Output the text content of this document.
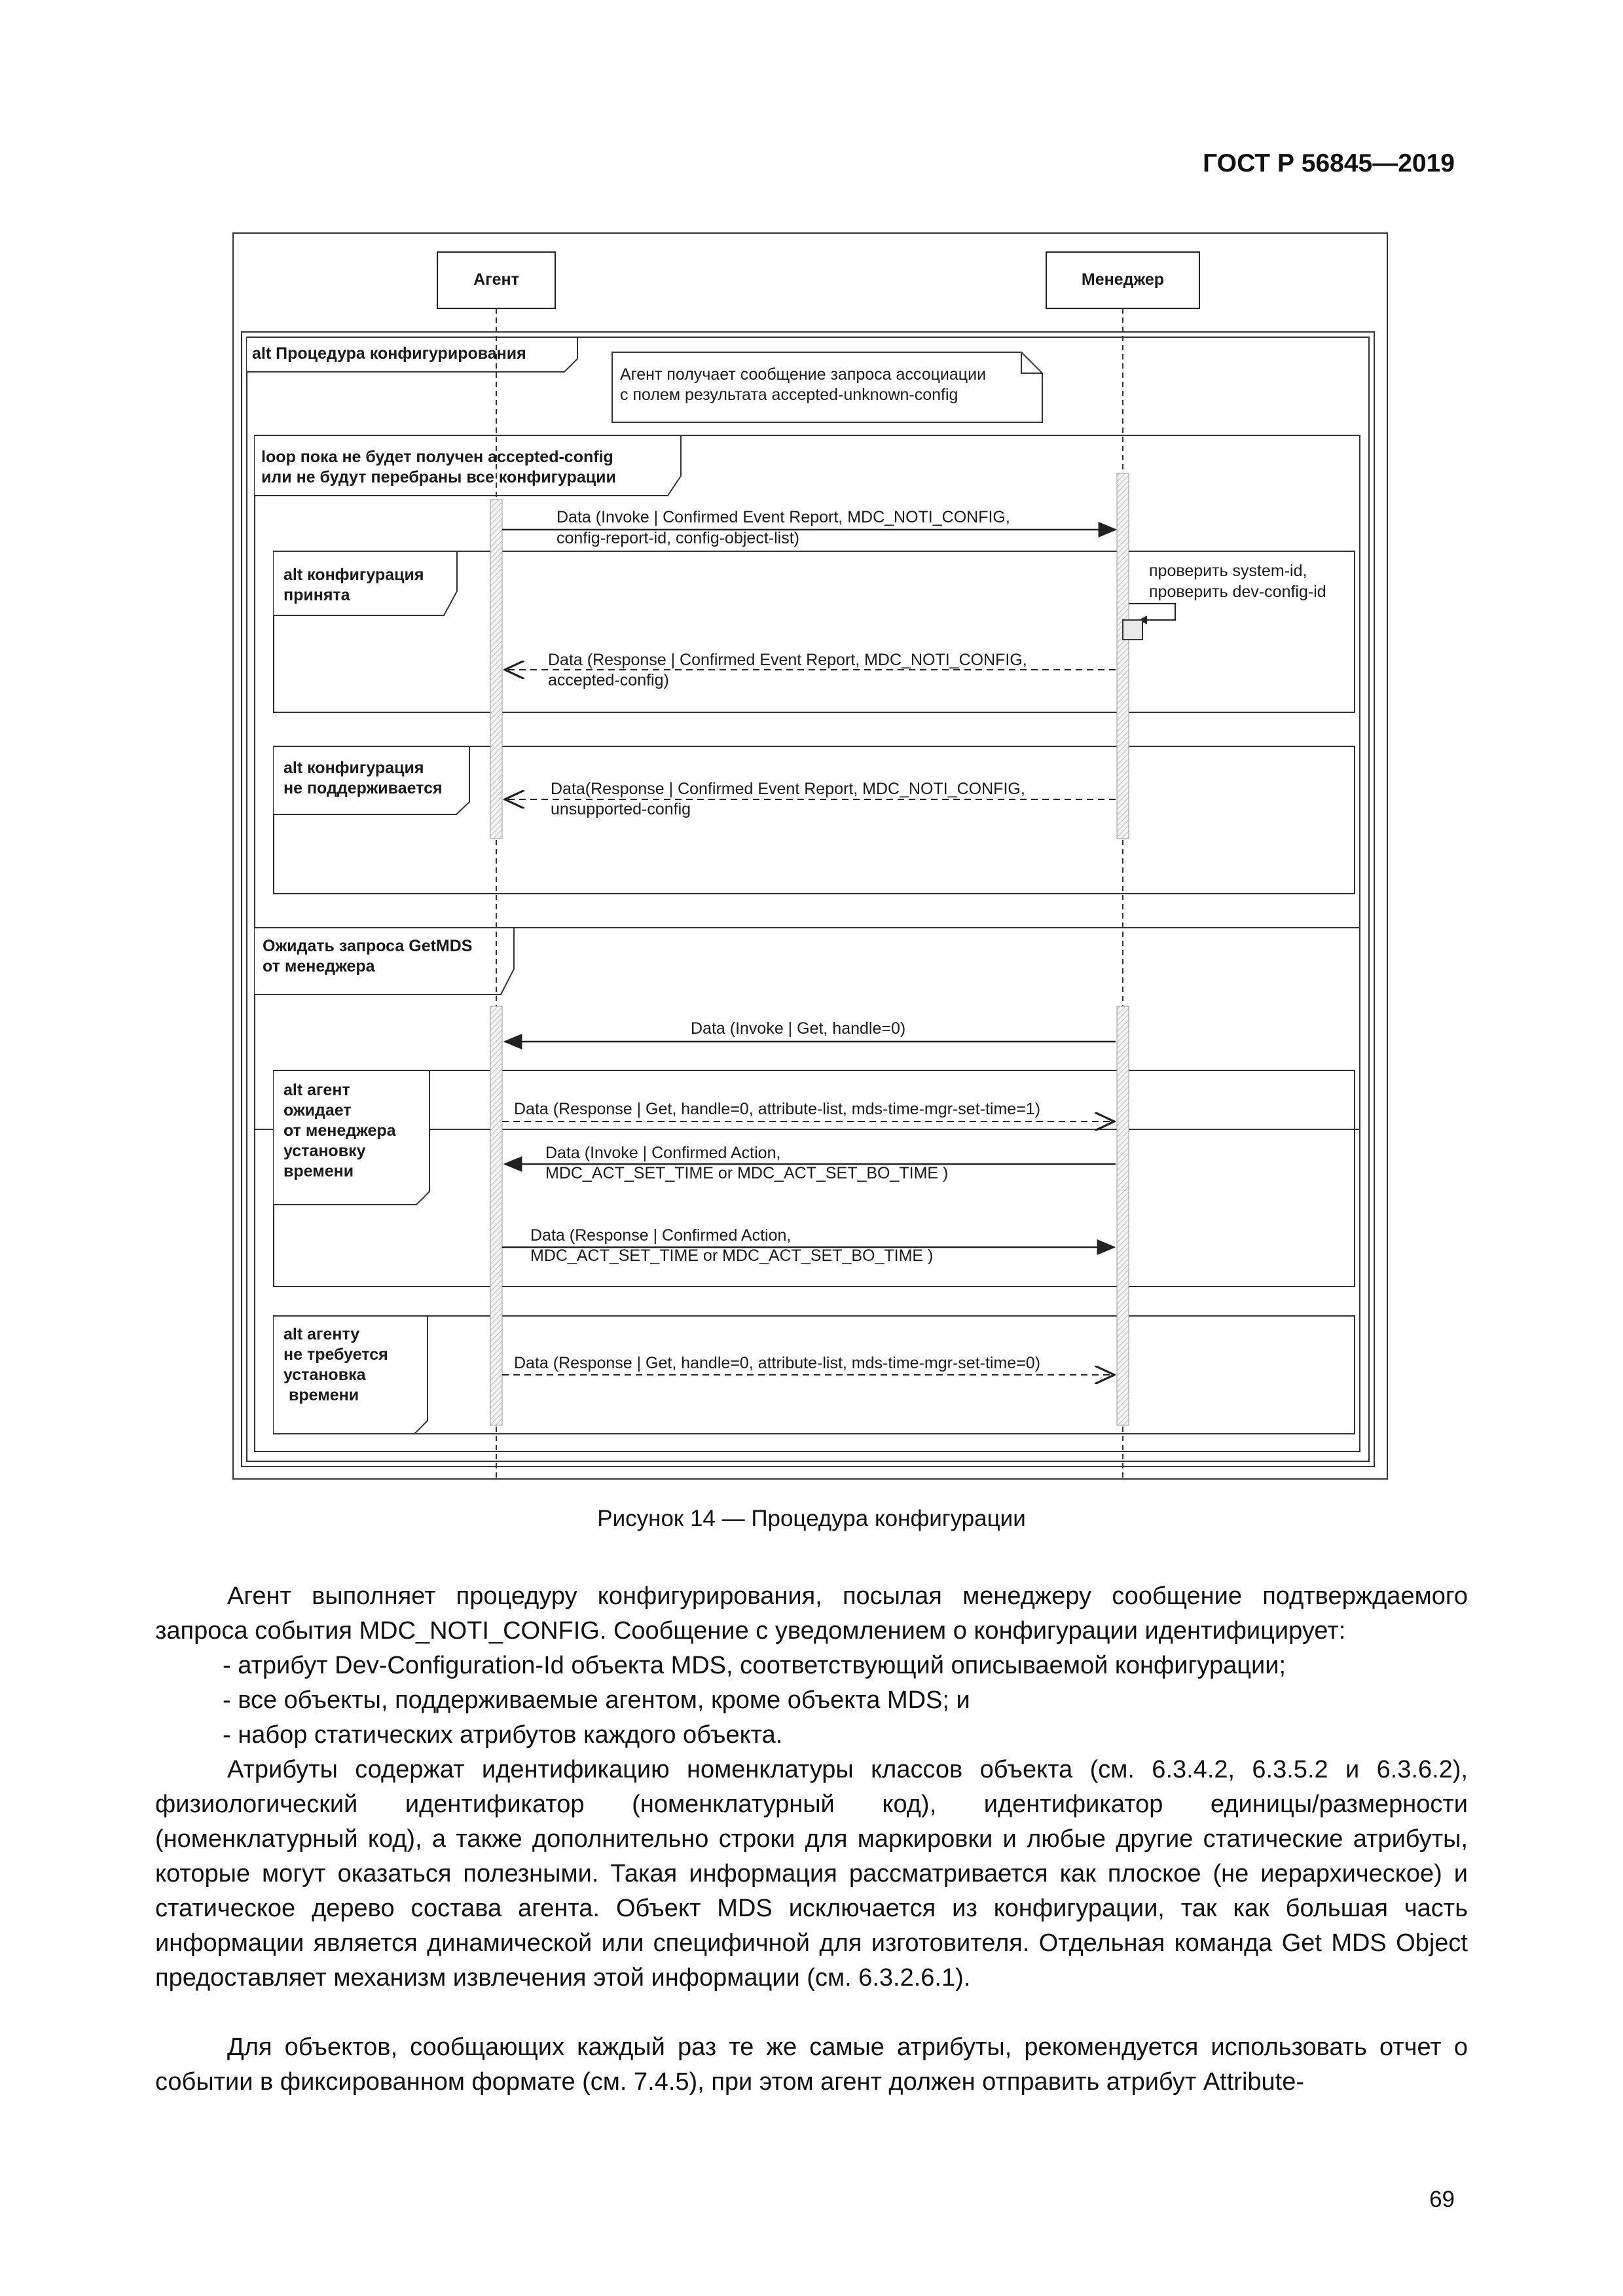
ГОСТ Р 56845—2019
Агент	Менеджер
alt Процедура конфигурирования
Агент получает сообщение запроса ассоциации
с полем результата accepted-unknown-config
loop пока не будет получен accepted-config
или не будут перебраны все конфигурации
Data (Invoke | Confirmed Event Report, MDC_NOTI_CONFIG,
config-report-id, config-object-list)
alt конфигурация
принята
проверить system-id,
проверить dev-config-id
Data (Response | Confirmed Event Report, MDC_NOTI_CONFIG,
accepted-config)
alt конфигурация
не поддерживается	Data(Response | Confirmed Event Report, MDC_NOTI_CONFIG,
unsupported-config
Ожидать запроса GetMDS
от менеджера
Data (Invoke | Get, handle=0)
alt агент
ожидает
от менеджера
установку
времени
Data (Response | Get, handle=0, attribute-list, mds-time-mgr-set-time=1)
Data (Invoke | Confirmed Action,
MDC_ACT_SET_TIME or MDC_ACT_SET_BO_TIME )
Data (Response | Confirmed Action,
MDC_ACT_SET_TIME or MDC_ACT_SET_BO_TIME )
alt агенту
не требуется
установка
времени
Data (Response | Get, handle=0, attribute-list, mds-time-mgr-set-time=0)
Рисунок 14 — Процедура конфигурации
Агент выполняет процедуру конфигурирования, посылая менеджеру сообщение подтверждаемого запроса события MDC_NOTI_CONFIG. Сообщение с уведомлением о конфигурации идентифицирует:
- атрибут Dev-Configuration-Id объекта MDS, соответствующий описываемой конфигурации;
- все объекты, поддерживаемые агентом, кроме объекта MDS; и
- набор статических атрибутов каждого объекта.
Атрибуты содержат идентификацию номенклатуры классов объекта (см. 6.3.4.2, 6.3.5.2 и 6.3.6.2), физиологический идентификатор (номенклатурный код), идентификатор единицы/размерности (номенклатурный код), а также дополнительно строки для маркировки и любые другие статические атрибуты, которые могут оказаться полезными. Такая информация рассматривается как плоское (не иерархическое) и статическое дерево состава агента. Объект MDS исключается из конфигурации, так как большая часть информации является динамической или специфичной для изготовителя. Отдельная команда Get MDS Object предоставляет механизм извлечения этой информации (см. 6.3.2.6.1).
Для объектов, сообщающих каждый раз те же самые атрибуты, рекомендуется использовать отчет о событии в фиксированном формате (см. 7.4.5), при этом агент должен отправить атрибут Attribute-
69
